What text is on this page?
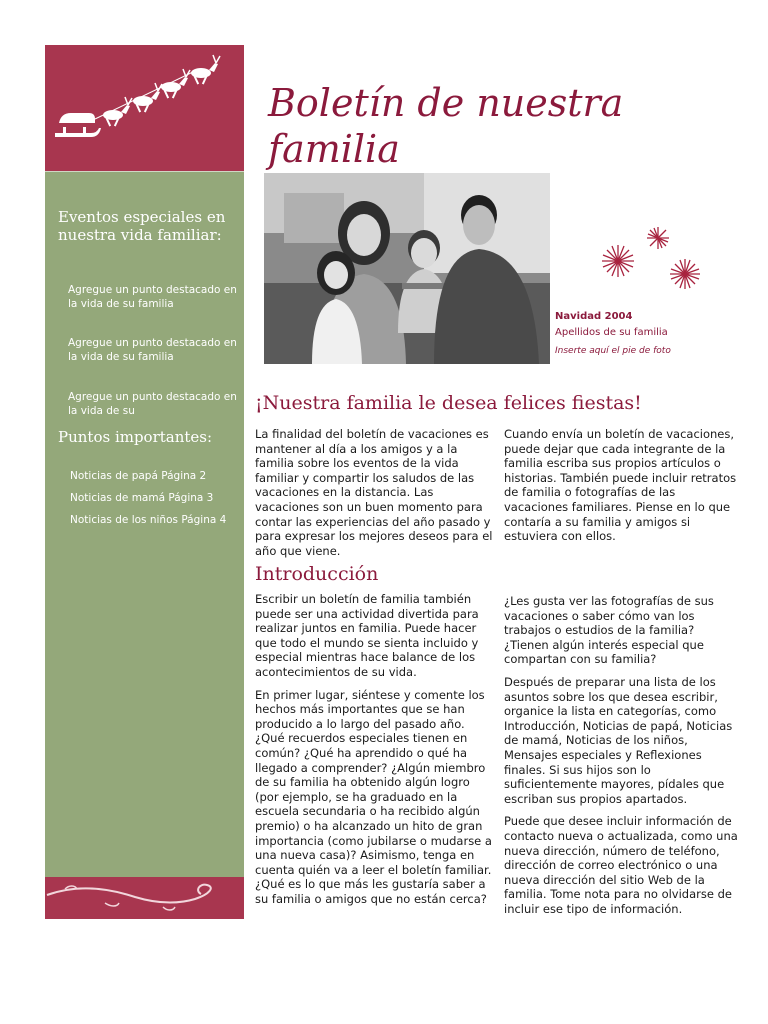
Eventos especiales en nuestra vida familiar:
Agregue un punto destacado en la vida de su familia
Agregue un punto destacado en la vida de su familia
Agregue un punto destacado en la vida de su
Puntos importantes:
Noticias de papá Página 2
Noticias de mamá Página 3
Noticias de los niños Página 4
Boletín de nuestra familia
Navidad 2004
Apellidos de su familia
Inserte aquí el pie de foto
¡Nuestra familia le desea felices fiestas!

La finalidad del boletín de vacaciones es mantener al día a los amigos y a la familia sobre los eventos de la vida familiar y compartir los saludos de las vacaciones en la distancia. Las vacaciones son un buen momento para contar las experiencias del año pasado y para expresar los mejores deseos para el año que viene.

Cuando envía un boletín de vacaciones, puede dejar que cada integrante de la familia escriba sus propios artículos o historias. También puede incluir retratos de familia o fotografías de las vacaciones familiares. Piense en lo que contaría a su familia y amigos si estuviera con ellos.

Introducción

Escribir un boletín de familia también puede ser una actividad divertida para realizar juntos en familia. Puede hacer que todo el mundo se sienta incluido y especial mientras hace balance de los acontecimientos de su vida.

En primer lugar, siéntese y comente los hechos más importantes que se han producido a lo largo del pasado año. ¿Qué recuerdos especiales tienen en común? ¿Qué ha aprendido o qué ha llegado a comprender? ¿Algún miembro de su familia ha obtenido algún logro (por ejemplo, se ha graduado en la escuela secundaria o ha recibido algún premio) o ha alcanzado un hito de gran importancia (como jubilarse o mudarse a una nueva casa)? Asimismo, tenga en cuenta quién va a leer el boletín familiar. ¿Qué es lo que más les gustaría saber a su familia o amigos que no están cerca?

¿Les gusta ver las fotografías de sus vacaciones o saber cómo van los trabajos o estudios de la familia? ¿Tienen algún interés especial que compartan con su familia?

Después de preparar una lista de los asuntos sobre los que desea escribir, organice la lista en categorías, como Introducción, Noticias de papá, Noticias de mamá, Noticias de los niños, Mensajes especiales y Reflexiones finales. Si sus hijos son lo suficientemente mayores, pídales que escriban sus propios apartados.

Puede que desee incluir información de contacto nueva o actualizada, como una nueva dirección, número de teléfono, dirección de correo electrónico o una nueva dirección del sitio Web de la familia. Tome nota para no olvidarse de incluir ese tipo de información.
